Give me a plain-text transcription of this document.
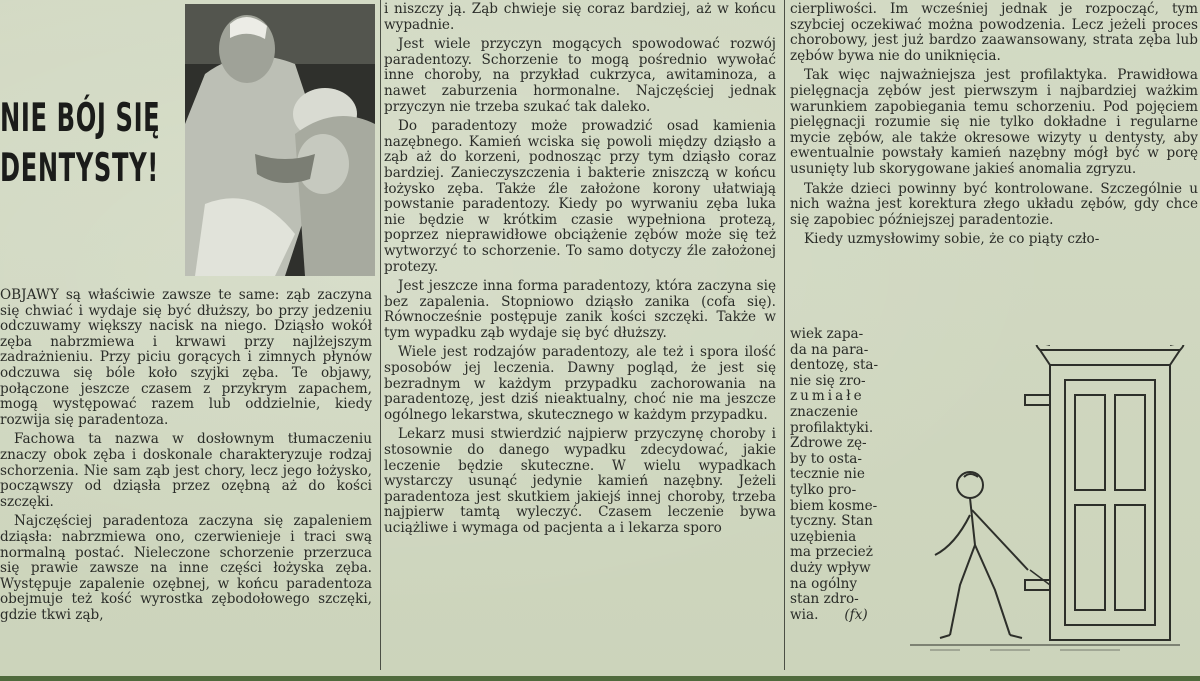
NIE BÓJ SIĘ
DENTYSTY!

OBJAWY są właściwie zawsze te same: ząb zaczyna się chwiać i wydaje się być dłuższy, bo przy jedzeniu odczuwamy większy nacisk na niego. Dziąsło wokół zęba nabrzmiewa i krwawi przy najlżejszym zadrażnieniu. Przy piciu gorących i zimnych płynów odczuwa się bóle koło szyjki zęba. Te objawy, połączone jeszcze czasem z przykrym zapachem, mogą występować razem lub oddzielnie, kiedy rozwija się paradentoza.

Fachowa ta nazwa w dosłownym tłumaczeniu znaczy obok zęba i doskonale charakteryzuje rodzaj schorzenia. Nie sam ząb jest chory, lecz jego łożysko, począwszy od dziąsła przez ozębną aż do kości szczęki.

Najczęściej paradentoza zaczyna się zapaleniem dziąsła: nabrzmiewa ono, czerwienieje i traci swą normalną postać. Nieleczone schorzenie przerzuca się prawie zawsze na inne części łożyska zęba. Występuje zapalenie ozębnej, w końcu paradentoza obejmuje też kość wyrostka zębodołowego szczęki, gdzie tkwi ząb,

i niszczy ją. Ząb chwieje się coraz bardziej, aż w końcu wypadnie.

Jest wiele przyczyn mogących spowodować rozwój paradentozy. Schorzenie to mogą pośrednio wywołać inne choroby, na przykład cukrzyca, awitaminoza, a nawet zaburzenia hormonalne. Najczęściej jednak przyczyn nie trzeba szukać tak daleko.

Do paradentozy może prowadzić osad kamienia nazębnego. Kamień wciska się powoli między dziąsło a ząb aż do korzeni, podnosząc przy tym dziąsło coraz bardziej. Zanieczyszczenia i bakterie zniszczą w końcu łożysko zęba. Także źle założone korony ułatwiają powstanie paradentozy. Kiedy po wyrwaniu zęba luka nie będzie w krótkim czasie wypełniona protezą, poprzez nieprawidłowe obciążenie zębów może się też wytworzyć to schorzenie. To samo dotyczy źle założonej protezy.

Jest jeszcze inna forma paradentozy, która zaczyna się bez zapalenia. Stopniowo dziąsło zanika (cofa się). Równocześnie postępuje zanik kości szczęki. Także w tym wypadku ząb wydaje się być dłuższy.

Wiele jest rodzajów paradentozy, ale też i spora ilość sposobów jej leczenia. Dawny pogląd, że jest się bezradnym w każdym przypadku zachorowania na paradentozę, jest dziś nieaktualny, choć nie ma jeszcze ogólnego lekarstwa, skutecznego w każdym przypadku.

Lekarz musi stwierdzić najpierw przyczynę choroby i stosownie do danego wypadku zdecydować, jakie leczenie będzie skuteczne. W wielu wypadkach wystarczy usunąć jedynie kamień nazębny. Jeżeli paradentoza jest skutkiem jakiejś innej choroby, trzeba najpierw tamtą wyleczyć. Czasem leczenie bywa uciążliwe i wymaga od pacjenta a i lekarza sporo

cierpliwości. Im wcześniej jednak je rozpocząć, tym szybciej oczekiwać można powodzenia. Lecz jeżeli proces chorobowy, jest już bardzo zaawansowany, strata zęba lub zębów bywa nie do uniknięcia.

Tak więc najważniejsza jest profilaktyka. Prawidłowa pielęgnacja zębów jest pierwszym i najbardziej ważkim warunkiem zapobiegania temu schorzeniu. Pod pojęciem pielęgnacji rozumie się nie tylko dokładne i regularne mycie zębów, ale także okresowe wizyty u dentysty, aby ewentualnie powstały kamień nazębny mógł być w porę usunięty lub skorygowane jakieś anomalia zgryzu.

Także dzieci powinny być kontrolowane. Szczególnie u nich ważna jest korektura złego układu zębów, gdy chce się zapobiec późniejszej paradentozie.

Kiedy uzmysłowimy sobie, że co piąty czło-

wiek zapa-
da na para-
dentozę, sta-
nie się zro-
zumiałe
znaczenie
profilaktyki.
Zdrowe zę-
by to osta-
tecznie nie
tylko pro-
biem kosme-
tyczny. Stan
uzębienia
ma przecież
duży wpływ
na ogólny
stan zdro-
wia. (fx)
